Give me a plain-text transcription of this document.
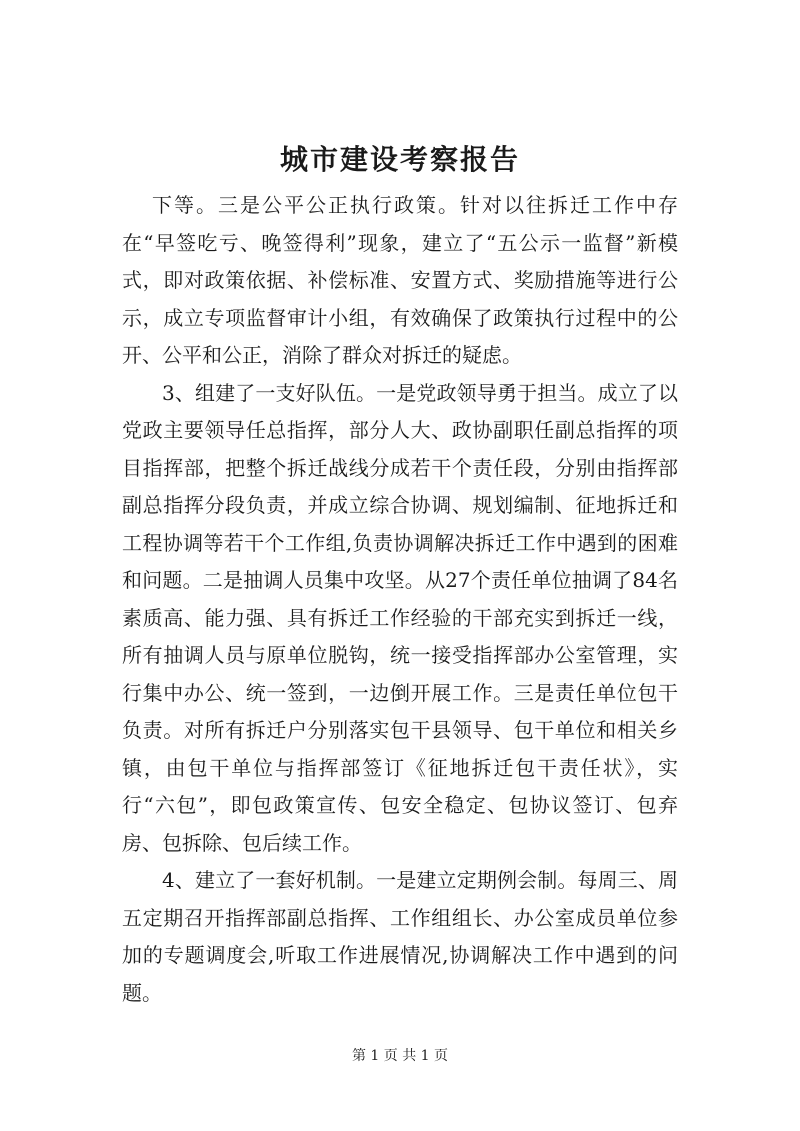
城市建设考察报告

下等。三是公平公正执行政策。针对以往拆迁工作中存在“早签吃亏、晚签得利”现象，建立了“五公示一监督”新模式，即对政策依据、补偿标准、安置方式、奖励措施等进行公示，成立专项监督审计小组，有效确保了政策执行过程中的公开、公平和公正，消除了群众对拆迁的疑虑。

3、组建了一支好队伍。一是党政领导勇于担当。成立了以党政主要领导任总指挥，部分人大、政协副职任副总指挥的项目指挥部，把整个拆迁战线分成若干个责任段，分别由指挥部副总指挥分段负责，并成立综合协调、规划编制、征地拆迁和工程协调等若干个工作组,负责协调解决拆迁工作中遇到的困难和问题。二是抽调人员集中攻坚。从27个责任单位抽调了84名素质高、能力强、具有拆迁工作经验的干部充实到拆迁一线，所有抽调人员与原单位脱钩，统一接受指挥部办公室管理，实行集中办公、统一签到，一边倒开展工作。三是责任单位包干负责。对所有拆迁户分别落实包干县领导、包干单位和相关乡镇，由包干单位与指挥部签订《征地拆迁包干责任状》，实行“六包”，即包政策宣传、包安全稳定、包协议签订、包弃房、包拆除、包后续工作。

4、建立了一套好机制。一是建立定期例会制。每周三、周五定期召开指挥部副总指挥、工作组组长、办公室成员单位参加的专题调度会,听取工作进展情况,协调解决工作中遇到的问题。

第 1 页 共 1 页
